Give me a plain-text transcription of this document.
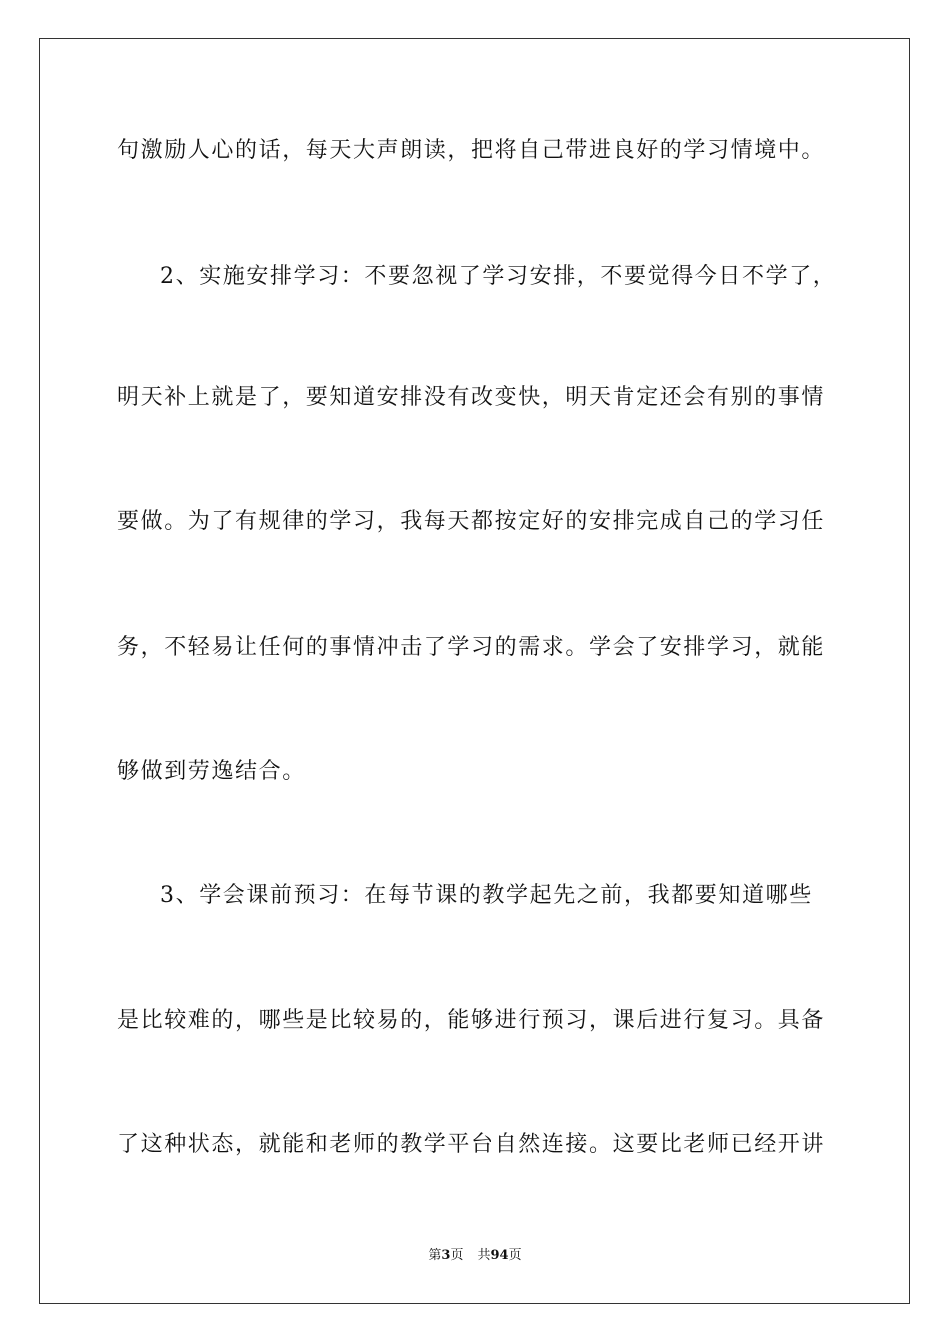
句激励人心的话，每天大声朗读，把将自己带进良好的学习情境中。
2、实施安排学习：不要忽视了学习安排，不要觉得今日不学了，
明天补上就是了，要知道安排没有改变快，明天肯定还会有别的事情
要做。为了有规律的学习，我每天都按定好的安排完成自己的学习任
务，不轻易让任何的事情冲击了学习的需求。学会了安排学习，就能
够做到劳逸结合。
3、学会课前预习：在每节课的教学起先之前，我都要知道哪些
是比较难的，哪些是比较易的，能够进行预习，课后进行复习。具备
了这种状态，就能和老师的教学平台自然连接。这要比老师已经开讲
第3页 共94页
